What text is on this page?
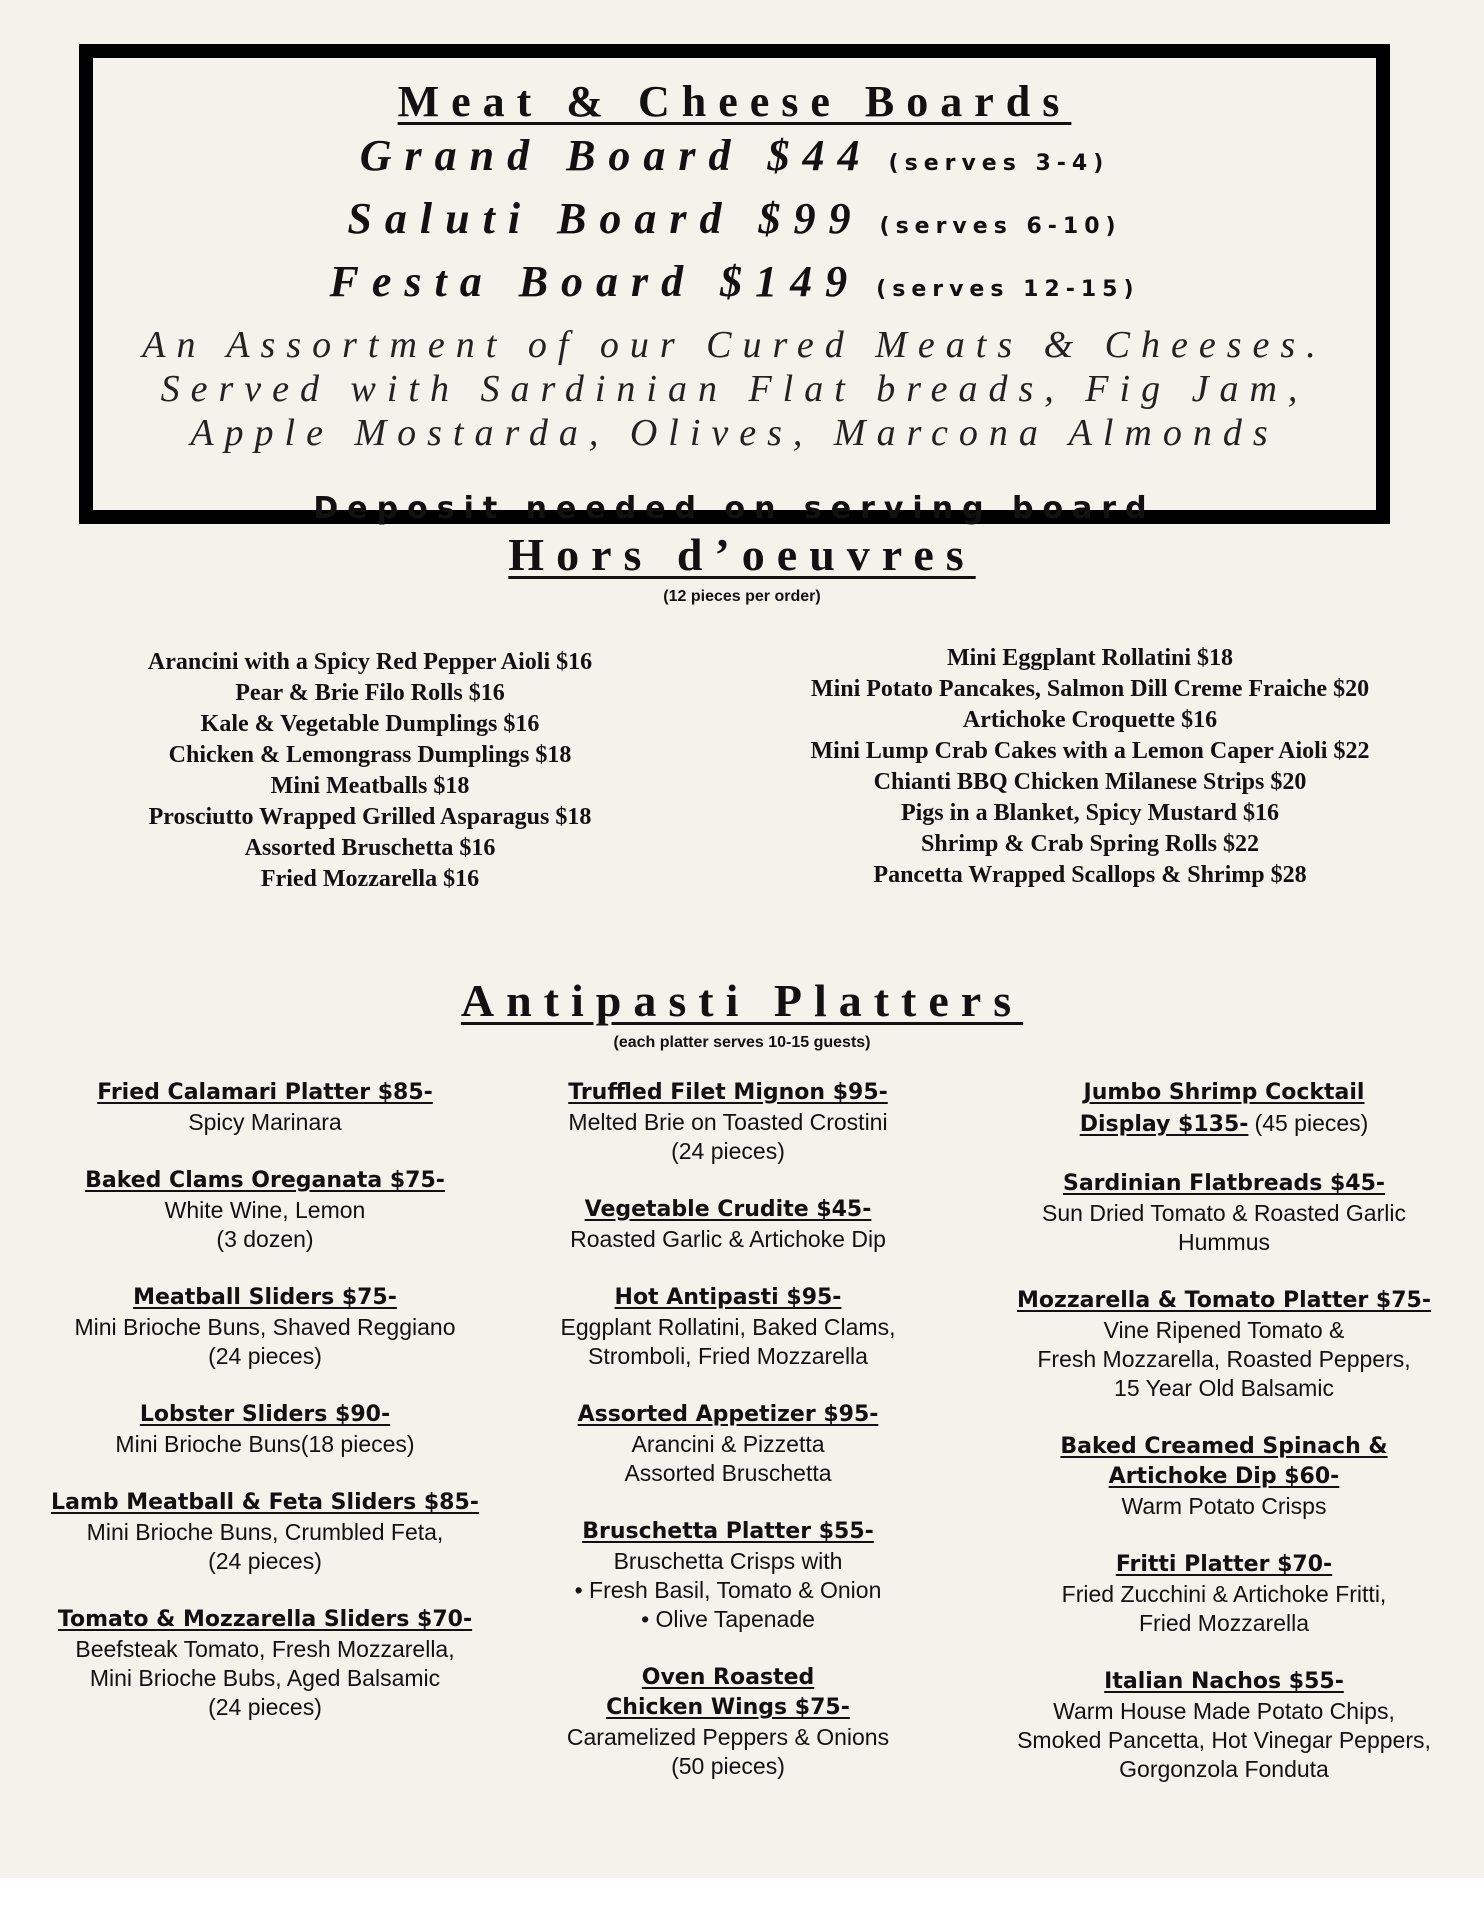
Meat & Cheese Boards
Grand Board $44 (serves 3-4)
Saluti Board $99 (serves 6-10)
Festa Board $149 (serves 12-15)
An Assortment of our Cured Meats & Cheeses.
Served with Sardinian Flat breads, Fig Jam,
Apple Mostarda, Olives, Marcona Almonds
Deposit needed on serving board
Hors d’oeuvres
(12 pieces per order)
Arancini with a Spicy Red Pepper Aioli $16
Pear & Brie Filo Rolls $16
Kale & Vegetable Dumplings $16
Chicken & Lemongrass Dumplings $18
Mini Meatballs $18
Prosciutto Wrapped Grilled Asparagus $18
Assorted Bruschetta $16
Fried Mozzarella $16
Mini Eggplant Rollatini $18
Mini Potato Pancakes, Salmon Dill Creme Fraiche $20
Artichoke Croquette $16
Mini Lump Crab Cakes with a Lemon Caper Aioli $22
Chianti BBQ Chicken Milanese Strips $20
Pigs in a Blanket, Spicy Mustard $16
Shrimp & Crab Spring Rolls $22
Pancetta Wrapped Scallops & Shrimp $28
Antipasti Platters
(each platter serves 10-15 guests)
Fried Calamari Platter $85-
Spicy Marinara
Baked Clams Oreganata $75-
White Wine, Lemon
(3 dozen)
Meatball Sliders $75-
Mini Brioche Buns, Shaved Reggiano
(24 pieces)
Lobster Sliders $90-
Mini Brioche Buns(18 pieces)
Lamb Meatball & Feta Sliders $85-
Mini Brioche Buns, Crumbled Feta,
(24 pieces)
Tomato & Mozzarella Sliders $70-
Beefsteak Tomato, Fresh Mozzarella,
Mini Brioche Bubs, Aged Balsamic
(24 pieces)
Truffled Filet Mignon $95-
Melted Brie on Toasted Crostini
(24 pieces)
Vegetable Crudite $45-
Roasted Garlic & Artichoke Dip
Hot Antipasti $95-
Eggplant Rollatini, Baked Clams,
Stromboli, Fried Mozzarella
Assorted Appetizer $95-
Arancini & Pizzetta
Assorted Bruschetta
Bruschetta Platter $55-
Bruschetta Crisps with
• Fresh Basil, Tomato & Onion
• Olive Tapenade
Oven Roasted
Chicken Wings $75-
Caramelized Peppers & Onions
(50 pieces)
Jumbo Shrimp Cocktail
Display $135- (45 pieces)
Sardinian Flatbreads $45-
Sun Dried Tomato & Roasted Garlic
Hummus
Mozzarella & Tomato Platter $75-
Vine Ripened Tomato &
Fresh Mozzarella, Roasted Peppers,
15 Year Old Balsamic
Baked Creamed Spinach &
Artichoke Dip $60-
Warm Potato Crisps
Fritti Platter $70-
Fried Zucchini & Artichoke Fritti,
Fried Mozzarella
Italian Nachos $55-
Warm House Made Potato Chips,
Smoked Pancetta, Hot Vinegar Peppers,
Gorgonzola Fonduta
